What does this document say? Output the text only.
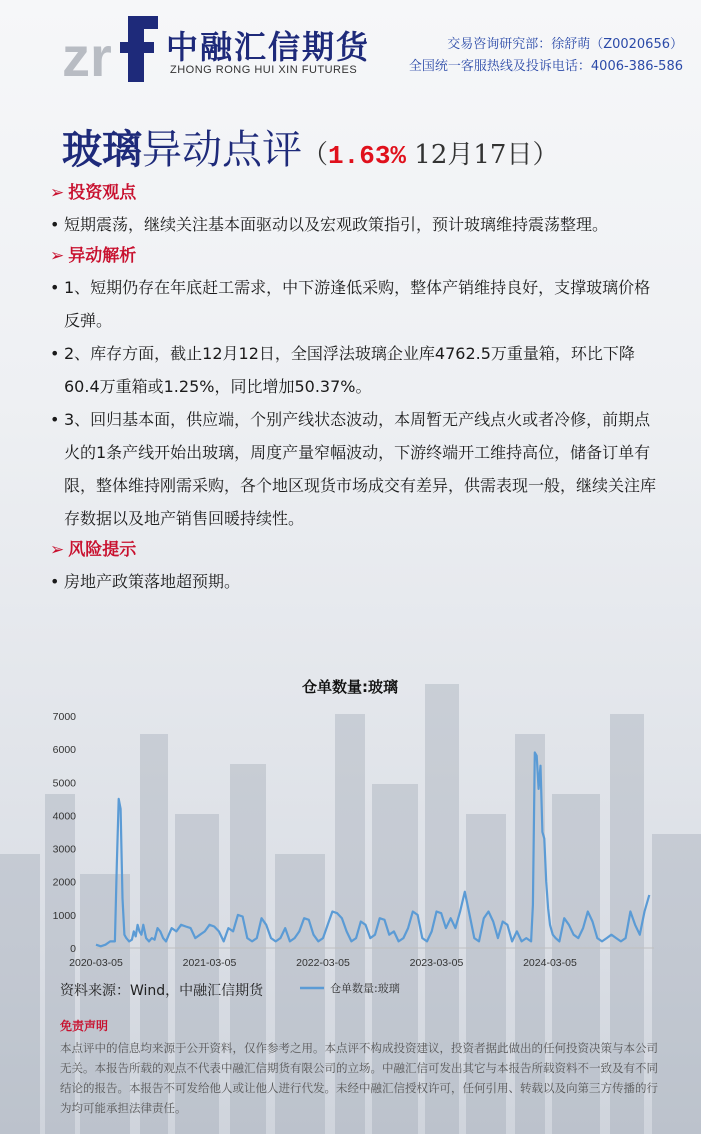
zr 中融汇信期货
ZHONG RONG HUI XIN FUTURES
交易咨询研究部：徐舒萌（Z0020656）
全国统一客服热线及投诉电话：4006-386-586
玻璃异动点评（1.63% 12月17日）
➢ 投资观点
• 短期震荡，继续关注基本面驱动以及宏观政策指引，预计玻璃维持震荡整理。
➢ 异动解析
• 1、短期仍存在年底赶工需求，中下游逢低采购，整体产销维持良好，支撑玻璃价格反弹。
• 2、库存方面，截止12月12日，全国浮法玻璃企业库4762.5万重量箱，环比下降60.4万重箱或1.25%，同比增加50.37%。
• 3、回归基本面，供应端，个别产线状态波动，本周暂无产线点火或者冷修，前期点火的1条产线开始出玻璃，周度产量窄幅波动，下游终端开工维持高位，储备订单有限，整体维持刚需采购，各个地区现货市场成交有差异，供需表现一般，继续关注库存数据以及地产销售回暖持续性。
➢ 风险提示
• 房地产政策落地超预期。
仓单数量:玻璃
0
1000
2000
3000
4000
5000
6000
7000
2020-03-05	2021-03-05	2022-03-05	2023-03-05	2024-03-05
仓单数量:玻璃
资料来源：Wind，中融汇信期货
免责声明
本点评中的信息均来源于公开资料，仅作参考之用。本点评不构成投资建议，投资者据此做出的任何投资决策与本公司无关。本报告所载的观点不代表中融汇信期货有限公司的立场。中融汇信可发出其它与本报告所载资料不一致及有不同结论的报告。本报告不可发给他人或让他人进行代发。未经中融汇信授权许可，任何引用、转载以及向第三方传播的行为均可能承担法律责任。
